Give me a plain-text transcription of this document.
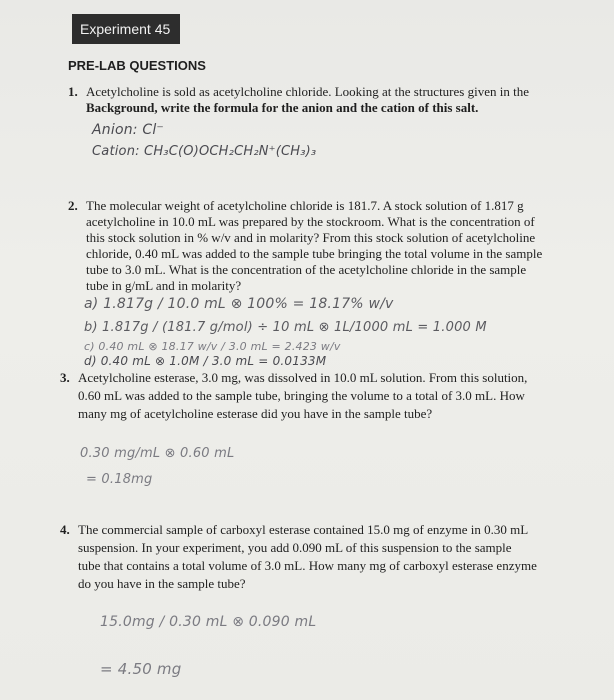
Experiment 45
PRE-LAB QUESTIONS
1. Acetylcholine is sold as acetylcholine chloride. Looking at the structures given in the
Background, write the formula for the anion and the cation of this salt.
Anion: Cl⁻
Cation: CH₃C(O)OCH₂CH₂N⁺(CH₃)₃
2. The molecular weight of acetylcholine chloride is 181.7. A stock solution of 1.817 g
acetylcholine in 10.0 mL was prepared by the stockroom. What is the concentration of
this stock solution in % w/v and in molarity? From this stock solution of acetylcholine
chloride, 0.40 mL was added to the sample tube bringing the total volume in the sample
tube to 3.0 mL. What is the concentration of the acetylcholine chloride in the sample
tube in g/mL and in molarity?
a) 1.817g / 10.0 mL ⊗ 100% = 18.17% w/v
b) 1.817g / (181.7 g/mol) ÷ 10 mL ⊗ 1L/1000 mL = 1.000 M
c) 0.40 mL ⊗ 18.17 w/v / 3.0 mL = 2.423 w/v
d) 0.40 mL ⊗ 1.0M / 3.0 mL = 0.0133M
3. Acetylcholine esterase, 3.0 mg, was dissolved in 10.0 mL solution. From this solution,
0.60 mL was added to the sample tube, bringing the volume to a total of 3.0 mL. How
many mg of acetylcholine esterase did you have in the sample tube?
0.30 mg/mL ⊗ 0.60 mL
= 0.18mg
4. The commercial sample of carboxyl esterase contained 15.0 mg of enzyme in 0.30 mL
suspension. In your experiment, you add 0.090 mL of this suspension to the sample
tube that contains a total volume of 3.0 mL. How many mg of carboxyl esterase enzyme
do you have in the sample tube?
15.0mg / 0.30 mL ⊗ 0.090 mL
= 4.50 mg
